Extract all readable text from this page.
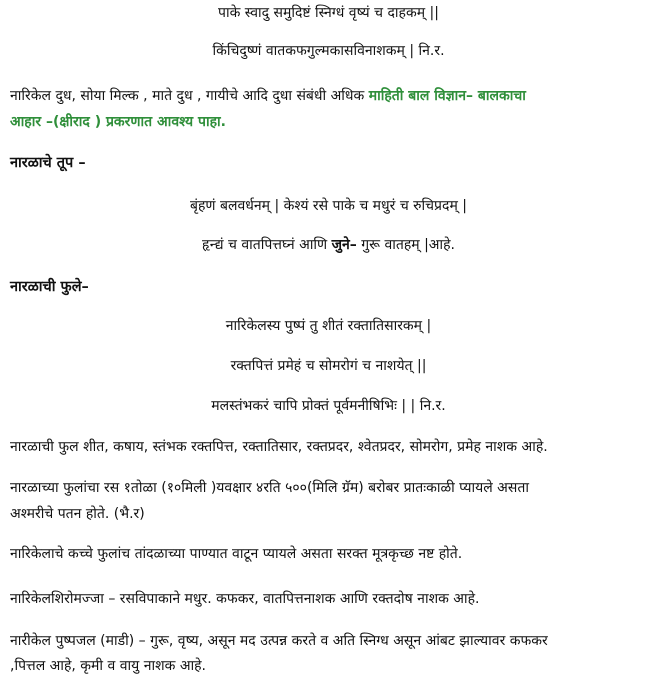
पाके स्वादु समुदिष्टं स्निग्धं वृष्यं च दाहकम् ||
किंचिदुष्णं वातकफगुल्मकासविनाशकम् | नि.र.
नारिकेल दुध, सोया मिल्क , माते दुध , गायीचे आदि दुधा संबंधी अधिक माहिती बाल विज्ञान– बालकाचा
आहार –(क्षीराद ) प्रकरणात आवश्य पाहा.
नारळाचे तूप –
बृंहणं बलवर्धनम् | केश्यं रसे पाके च मधुरं च रुचिप्रदम् |
हृन्द्यं च वातपित्तघ्नं आणि जुने– गुरू वातहम् |आहे.
नारळाची फुले–
नारिकेलस्य पुष्पं तु शीतं रक्तातिसारकम् |
रक्तपित्तं प्रमेहं च सोमरोगं च नाशयेत् ||
मलस्तंभकरं चापि प्रोक्तं पूर्वमनीषिभिः | | नि.र.
नारळाची फुल शीत, कषाय, स्तंभक रक्तपित्त, रक्तातिसार, रक्तप्रदर, श्वेतप्रदर, सोमरोग, प्रमेह नाशक आहे.
नारळाच्या फुलांचा रस १तोळा (१०मिली )यवक्षार ४रति ५००(मिलि ग्रॅम) बरोबर प्रातःकाळी प्यायले असता
अश्मरीचे पतन होते. (भै.र)
नारिकेलाचे कच्चे फुलांच तांदळाच्या पाण्यात वाटून प्यायले असता सरक्त मूत्रकृच्छ नष्ट होते.
नारिकेलशिरोमज्जा – रसविपाकाने मधुर. कफकर, वातपित्तनाशक आणि रक्तदोष नाशक आहे.
नारीकेल पुष्पजल (माडी) – गुरू, वृष्य, असून मद उत्पन्न करते व अति स्निग्ध असून आंबट झाल्यावर कफकर
,पित्तल आहे, कृमी व वायु नाशक आहे.
